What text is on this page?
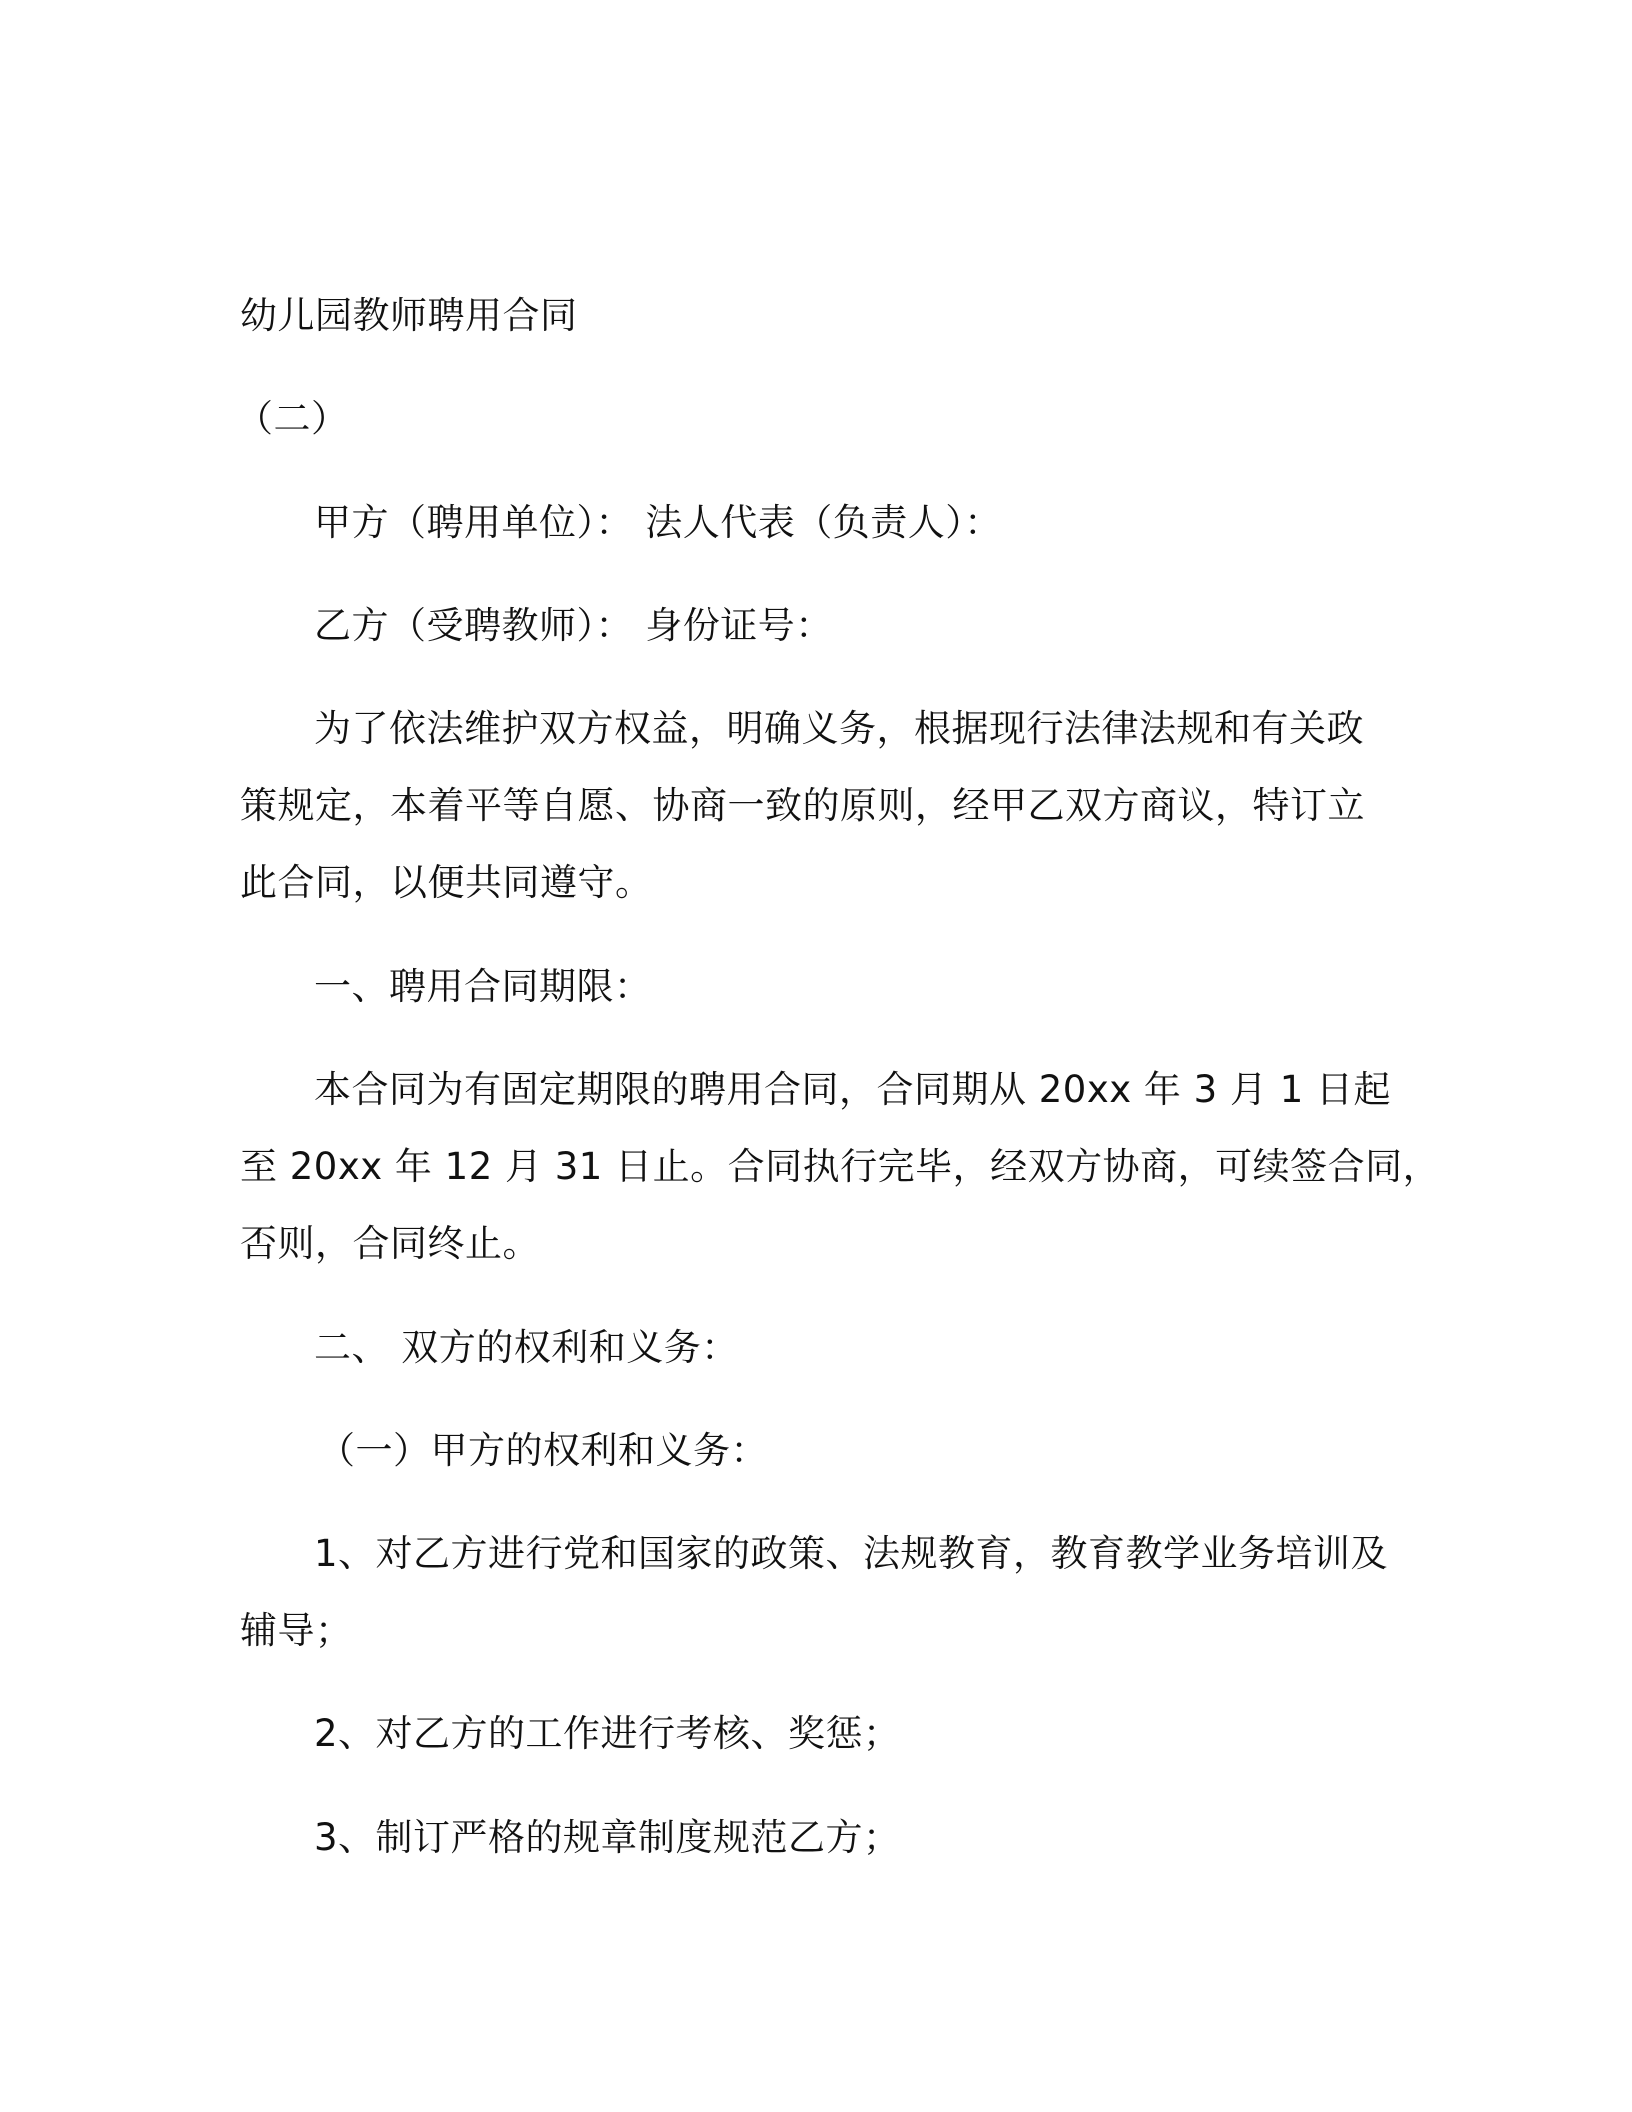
幼儿园教师聘用合同
（二）
甲方（聘用单位）： 法人代表（负责人）：
乙方（受聘教师）： 身份证号：
为了依法维护双方权益，明确义务，根据现行法律法规和有关政
策规定，本着平等自愿、协商一致的原则，经甲乙双方商议，特订立
此合同，以便共同遵守。
一、聘用合同期限：
本合同为有固定期限的聘用合同，合同期从 20xx 年 3 月 1 日起
至 20xx 年 12 月 31 日止。合同执行完毕，经双方协商，可续签合同，
否则，合同终止。
二、 双方的权利和义务：
（一）甲方的权利和义务：
1、对乙方进行党和国家的政策、法规教育，教育教学业务培训及
辅导；
2、对乙方的工作进行考核、奖惩；
3、制订严格的规章制度规范乙方；
